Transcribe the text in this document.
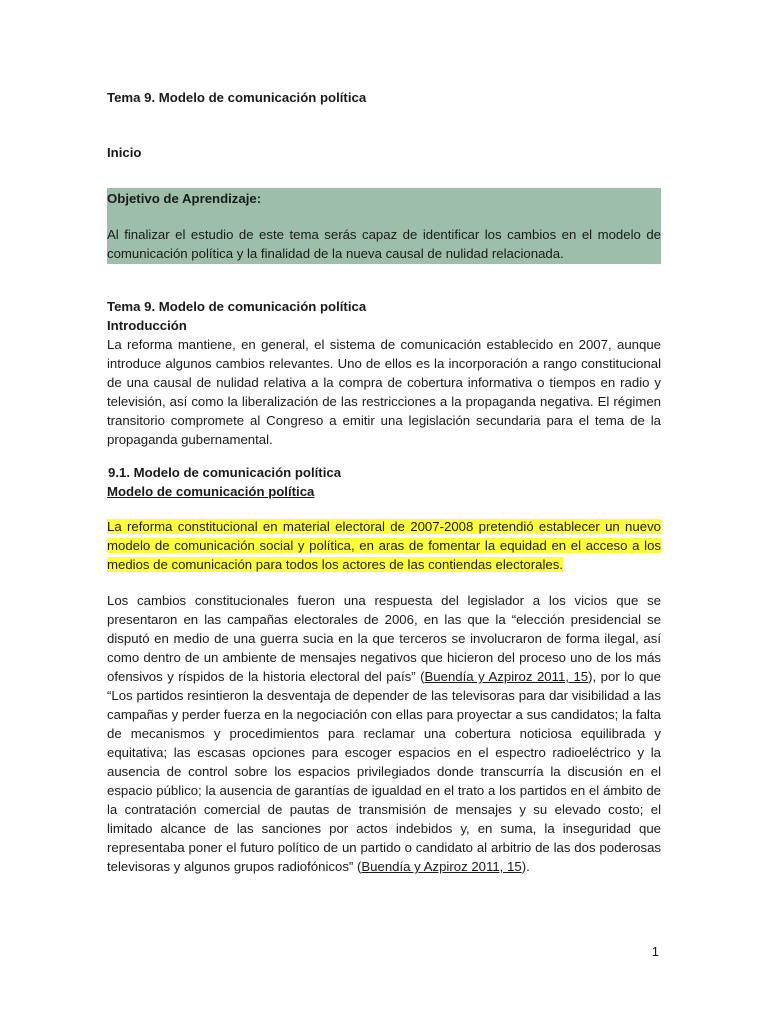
Tema 9. Modelo de comunicación política

Inicio

Objetivo de Aprendizaje:

Al finalizar el estudio de este tema serás capaz de identificar los cambios en el modelo de comunicación política y la finalidad de la nueva causal de nulidad relacionada.

Tema 9. Modelo de comunicación política

Introducción

La reforma mantiene, en general, el sistema de comunicación establecido en 2007, aunque introduce algunos cambios relevantes. Uno de ellos es la incorporación a rango constitucional de una causal de nulidad relativa a la compra de cobertura informativa o tiempos en radio y televisión, así como la liberalización de las restricciones a la propaganda negativa. El régimen transitorio compromete al Congreso a emitir una legislación secundaria para el tema de la propaganda gubernamental.

9.1. Modelo de comunicación política

Modelo de comunicación política

La reforma constitucional en material electoral de 2007-2008 pretendió establecer un nuevo modelo de comunicación social y política, en aras de fomentar la equidad en el acceso a los medios de comunicación para todos los actores de las contiendas electorales.

Los cambios constitucionales fueron una respuesta del legislador a los vicios que se presentaron en las campañas electorales de 2006, en las que la “elección presidencial se disputó en medio de una guerra sucia en la que terceros se involucraron de forma ilegal, así como dentro de un ambiente de mensajes negativos que hicieron del proceso uno de los más ofensivos y ríspidos de la historia electoral del país” (Buendía y Azpiroz 2011, 15), por lo que “Los partidos resintieron la desventaja de depender de las televisoras para dar visibilidad a las campañas y perder fuerza en la negociación con ellas para proyectar a sus candidatos; la falta de mecanismos y procedimientos para reclamar una cobertura noticiosa equilibrada y equitativa; las escasas opciones para escoger espacios en el espectro radioeléctrico y la ausencia de control sobre los espacios privilegiados donde transcurría la discusión en el espacio público; la ausencia de garantías de igualdad en el trato a los partidos en el ámbito de la contratación comercial de pautas de transmisión de mensajes y su elevado costo; el limitado alcance de las sanciones por actos indebidos y, en suma, la inseguridad que representaba poner el futuro político de un partido o candidato al arbitrio de las dos poderosas televisoras y algunos grupos radiofónicos” (Buendía y Azpiroz 2011, 15).

1
